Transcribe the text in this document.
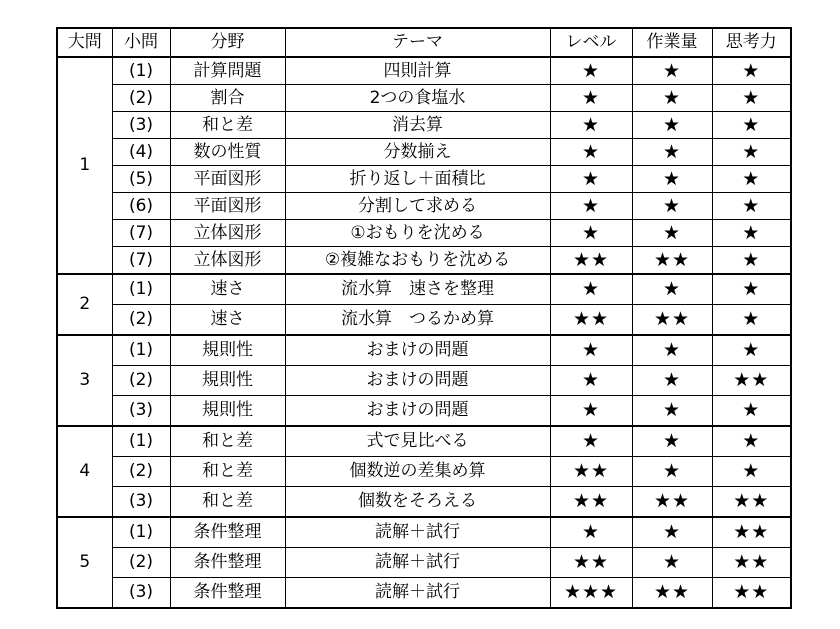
大問	小問	分野	テーマ	レベル	作業量	思考力
1	(1)	計算問題	四則計算	★	★	★
	(2)	割合	2つの食塩水	★	★	★
	(3)	和と差	消去算	★	★	★
	(4)	数の性質	分数揃え	★	★	★
	(5)	平面図形	折り返し＋面積比	★	★	★
	(6)	平面図形	分割して求める	★	★	★
	(7)	立体図形	①おもりを沈める	★	★	★
	(7)	立体図形	②複雑なおもりを沈める	★★	★★	★
2	(1)	速さ	流水算　速さを整理	★	★	★
	(2)	速さ	流水算　つるかめ算	★★	★★	★
3	(1)	規則性	おまけの問題	★	★	★
	(2)	規則性	おまけの問題	★	★	★★
	(3)	規則性	おまけの問題	★	★	★
4	(1)	和と差	式で見比べる	★	★	★
	(2)	和と差	個数逆の差集め算	★★	★	★
	(3)	和と差	個数をそろえる	★★	★★	★★
5	(1)	条件整理	読解＋試行	★	★	★★
	(2)	条件整理	読解＋試行	★★	★	★★
	(3)	条件整理	読解＋試行	★★★	★★	★★
